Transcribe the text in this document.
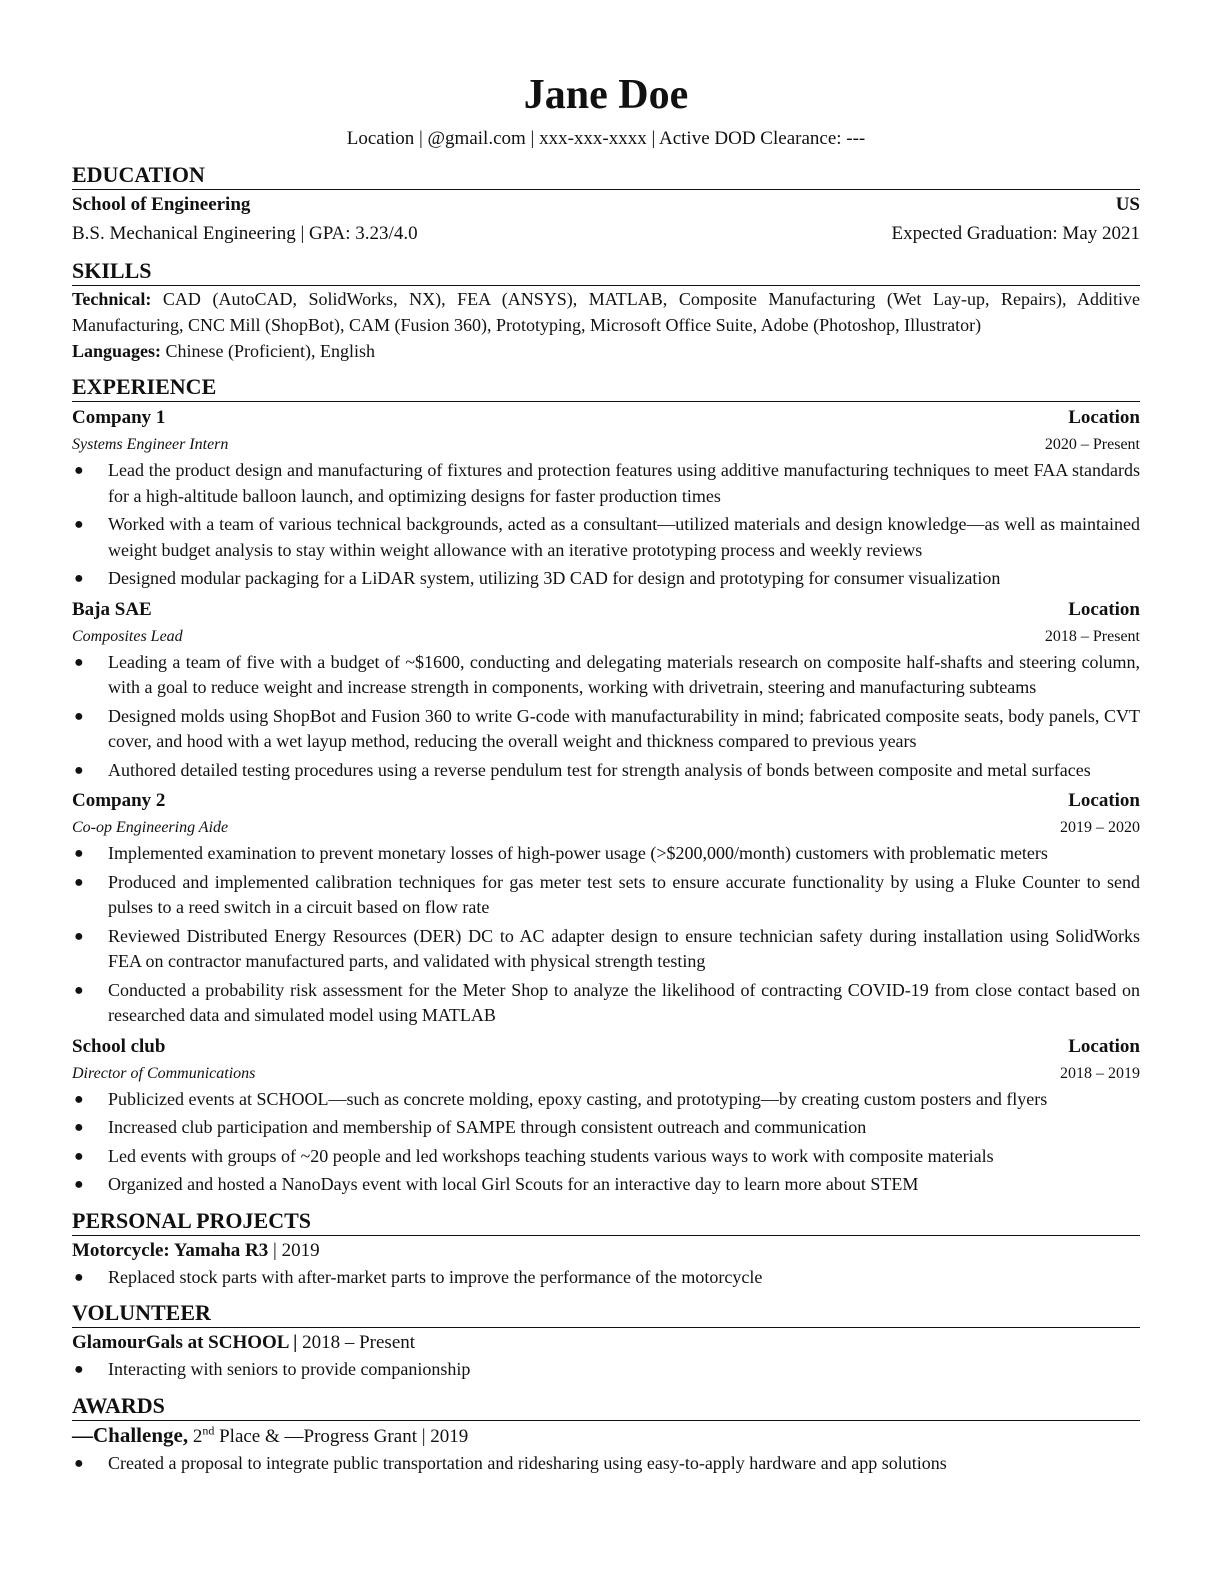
Jane Doe
Location | @gmail.com | xxx-xxx-xxxx | Active DOD Clearance: ---
EDUCATION
School of Engineering	US
B.S. Mechanical Engineering | GPA: 3.23/4.0	Expected Graduation: May 2021
SKILLS
Technical: CAD (AutoCAD, SolidWorks, NX), FEA (ANSYS), MATLAB, Composite Manufacturing (Wet Lay-up, Repairs), Additive Manufacturing, CNC Mill (ShopBot), CAM (Fusion 360), Prototyping, Microsoft Office Suite, Adobe (Photoshop, Illustrator)
Languages: Chinese (Proficient), English
EXPERIENCE
Company 1	Location
Systems Engineer Intern	2020 – Present
● Lead the product design and manufacturing of fixtures and protection features using additive manufacturing techniques to meet FAA standards for a high-altitude balloon launch, and optimizing designs for faster production times
● Worked with a team of various technical backgrounds, acted as a consultant—utilized materials and design knowledge—as well as maintained weight budget analysis to stay within weight allowance with an iterative prototyping process and weekly reviews
● Designed modular packaging for a LiDAR system, utilizing 3D CAD for design and prototyping for consumer visualization
Baja SAE	Location
Composites Lead	2018 – Present
● Leading a team of five with a budget of ~$1600, conducting and delegating materials research on composite half-shafts and steering column, with a goal to reduce weight and increase strength in components, working with drivetrain, steering and manufacturing subteams
● Designed molds using ShopBot and Fusion 360 to write G-code with manufacturability in mind; fabricated composite seats, body panels, CVT cover, and hood with a wet layup method, reducing the overall weight and thickness compared to previous years
● Authored detailed testing procedures using a reverse pendulum test for strength analysis of bonds between composite and metal surfaces
Company 2	Location
Co-op Engineering Aide	2019 – 2020
● Implemented examination to prevent monetary losses of high-power usage (>$200,000/month) customers with problematic meters
● Produced and implemented calibration techniques for gas meter test sets to ensure accurate functionality by using a Fluke Counter to send pulses to a reed switch in a circuit based on flow rate
● Reviewed Distributed Energy Resources (DER) DC to AC adapter design to ensure technician safety during installation using SolidWorks FEA on contractor manufactured parts, and validated with physical strength testing
● Conducted a probability risk assessment for the Meter Shop to analyze the likelihood of contracting COVID-19 from close contact based on researched data and simulated model using MATLAB
School club	Location
Director of Communications	2018 – 2019
● Publicized events at SCHOOL—such as concrete molding, epoxy casting, and prototyping—by creating custom posters and flyers
● Increased club participation and membership of SAMPE through consistent outreach and communication
● Led events with groups of ~20 people and led workshops teaching students various ways to work with composite materials
● Organized and hosted a NanoDays event with local Girl Scouts for an interactive day to learn more about STEM
PERSONAL PROJECTS
Motorcycle: Yamaha R3 | 2019
● Replaced stock parts with after-market parts to improve the performance of the motorcycle
VOLUNTEER
GlamourGals at SCHOOL | 2018 – Present
● Interacting with seniors to provide companionship
AWARDS
—Challenge, 2nd Place & —Progress Grant | 2019
● Created a proposal to integrate public transportation and ridesharing using easy-to-apply hardware and app solutions
